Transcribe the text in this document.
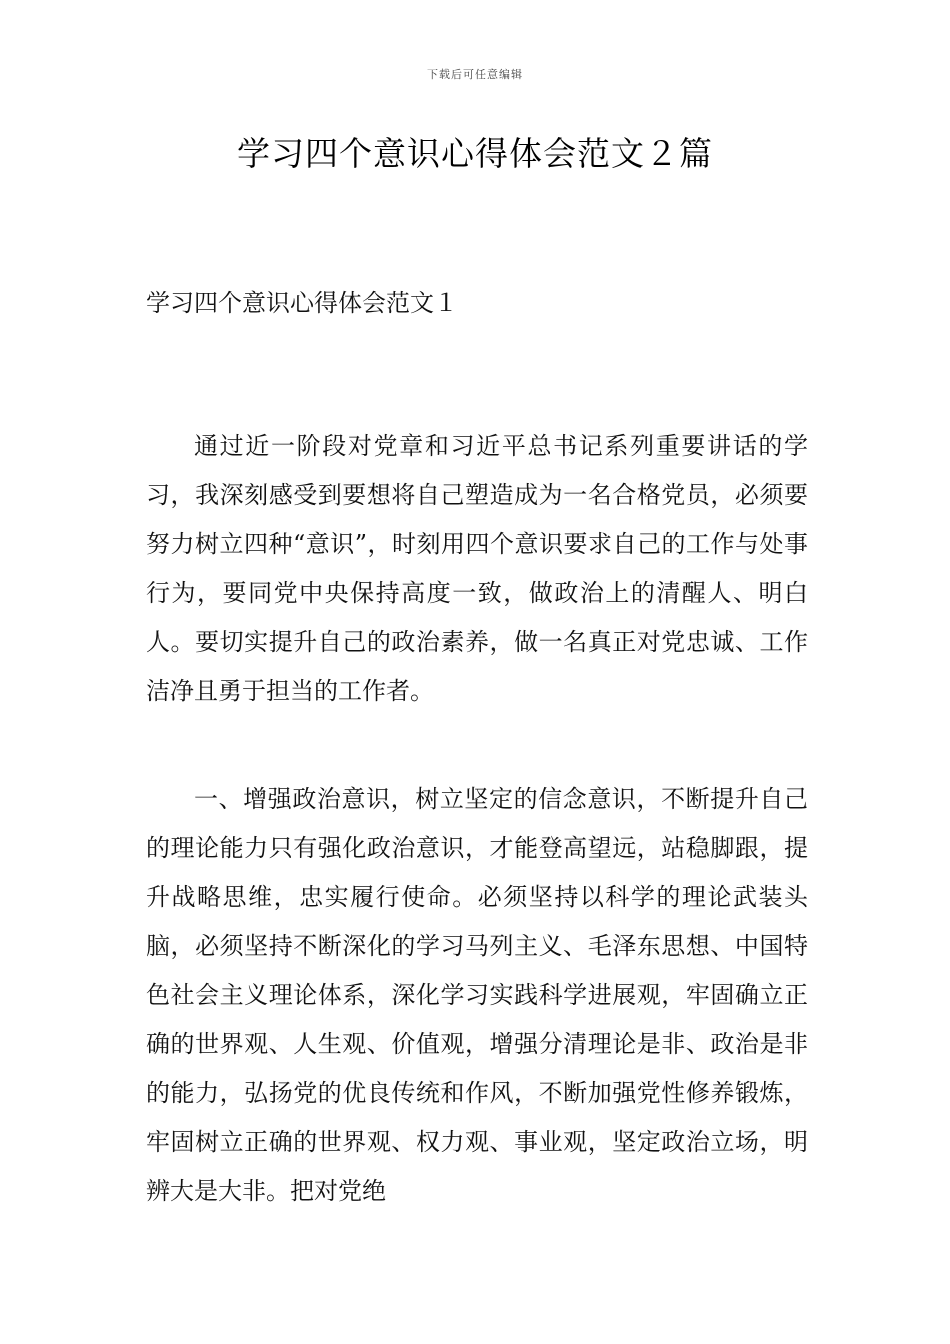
下载后可任意编辑
学习四个意识心得体会范文２篇
学习四个意识心得体会范文１

通过近一阶段对党章和习近平总书记系列重要讲话的学习，我深刻感受到要想将自己塑造成为一名合格党员，必须要努力树立四种“意识”，时刻用四个意识要求自己的工作与处事行为，要同党中央保持高度一致，做政治上的清醒人、明白人。要切实提升自己的政治素养，做一名真正对党忠诚、工作洁净且勇于担当的工作者。

一、增强政治意识，树立坚定的信念意识，不断提升自己的理论能力只有强化政治意识，才能登高望远，站稳脚跟，提升战略思维，忠实履行使命。必须坚持以科学的理论武装头脑，必须坚持不断深化的学习马列主义、毛泽东思想、中国特色社会主义理论体系，深化学习实践科学进展观，牢固确立正确的世界观、人生观、价值观，增强分清理论是非、政治是非的能力，弘扬党的优良传统和作风，不断加强党性修养锻炼，牢固树立正确的世界观、权力观、事业观，坚定政治立场，明辨大是大非。把对党绝
